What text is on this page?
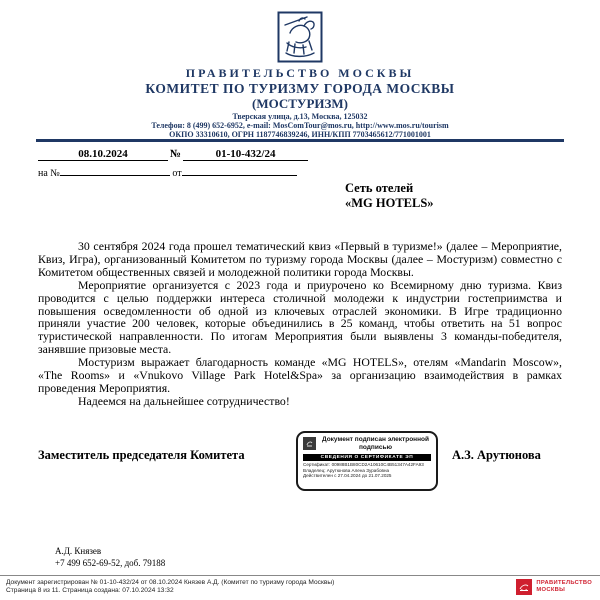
ПРАВИТЕЛЬСТВО МОСКВЫ
КОМИТЕТ ПО ТУРИЗМУ ГОРОДА МОСКВЫ
(МОСТУРИЗМ)
Тверская улица, д.13, Москва, 125032
Телефон: 8 (499) 652-6952, e-mail: MosComTour@mos.ru, http://www.mos.ru/tourism
ОКПО 33310610, ОГРН 1187746839246, ИНН/КПП 7703465612/771001001
08.10.2024	№	01-10-432/24
на №	от
Сеть отелей
«MG HOTELS»

30 сентября 2024 года прошел тематический квиз «Первый в туризме!» (далее – Мероприятие, Квиз, Игра), организованный Комитетом по туризму города Москвы (далее – Мостуризм) совместно с Комитетом общественных связей и молодежной политики города Москвы.

Мероприятие организуется с 2023 года и приурочено ко Всемирному дню туризма. Квиз проводится с целью поддержки интереса столичной молодежи к индустрии гостеприимства и повышения осведомленности об одной из ключевых отраслей экономики. В Игре традиционно приняли участие 200 человек, которые объединились в 25 команд, чтобы ответить на 51 вопрос туристической направленности. По итогам Мероприятия были выявлены 3 команды-победителя, занявшие призовые места.

Мостуризм выражает благодарность команде «MG HOTELS», отелям «Mandarin Moscow», «The Rooms» и «Vnukovo Village Park Hotel&Spa» за организацию взаимодействия в рамках проведения Мероприятия.

Надеемся на дальнейшее сотрудничество!

Заместитель председателя Комитета
Документ подписан электронной подписью
СВЕДЕНИЯ О СЕРТИФИКАТЕ ЭП
Сертификат: 00988B1B80CD2A10610C4B51347A42FA93
Владелец: Арутюнова Алена Зурабовна
Действителен с 27.04.2024 до 21.07.2025
А.З. Арутюнова
А.Д. Князев
+7 499 652-69-52, доб. 79188
Документ зарегистрирован № 01-10-432/24 от 08.10.2024 Князев А.Д. (Комитет по туризму города Москвы)
Страница 8 из 11. Страница создана: 07.10.2024 13:32
ПРАВИТЕЛЬСТВО
МОСКВЫ
